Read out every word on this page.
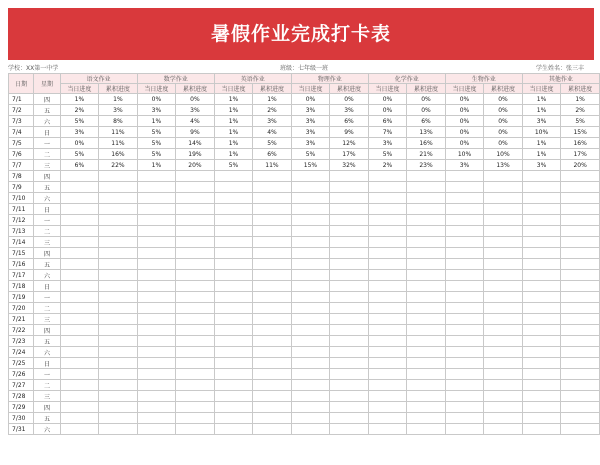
暑假作业完成打卡表
学校：XX第一中学	班级：七年级一班	学生姓名：张三丰
日期	星期	语文作业		数学作业		英语作业		物理作业		化学作业		生物作业		其他作业	
		当日进度	累积进度	当日进度	累积进度	当日进度	累积进度	当日进度	累积进度	当日进度	累积进度	当日进度	累积进度	当日进度	累积进度
7/1	四	1%	1%	0%	0%	1%	1%	0%	0%	0%	0%	0%	0%	1%	1%
7/2	五	2%	3%	3%	3%	1%	2%	3%	3%	0%	0%	0%	0%	1%	2%
7/3	六	5%	8%	1%	4%	1%	3%	3%	6%	6%	6%	0%	0%	3%	5%
7/4	日	3%	11%	5%	9%	1%	4%	3%	9%	7%	13%	0%	0%	10%	15%
7/5	一	0%	11%	5%	14%	1%	5%	3%	12%	3%	16%	0%	0%	1%	16%
7/6	二	5%	16%	5%	19%	1%	6%	5%	17%	5%	21%	10%	10%	1%	17%
7/7	三	6%	22%	1%	20%	5%	11%	15%	32%	2%	23%	3%	13%	3%	20%
7/8	四														
7/9	五														
7/10	六														
7/11	日														
7/12	一														
7/13	二														
7/14	三														
7/15	四														
7/16	五														
7/17	六														
7/18	日														
7/19	一														
7/20	二														
7/21	三														
7/22	四														
7/23	五														
7/24	六														
7/25	日														
7/26	一														
7/27	二														
7/28	三														
7/29	四														
7/30	五														
7/31	六														
